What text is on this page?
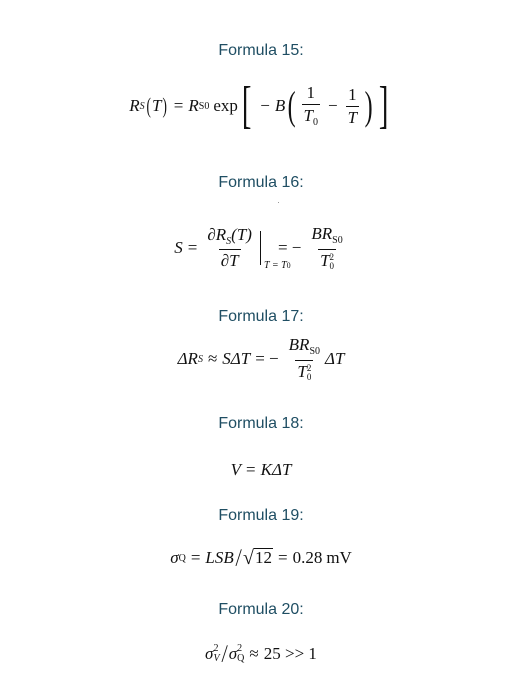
Formula 15:
R S ( T ) = R S0 exp [ − B ( $\frac{1}{T_0} - \frac{1}{T}$ ) ]
Formula 16:
$S = \frac{\partial R_S(T)}{\partial T}$ T = T0
= − $BR_{S0}$
T 2
0
Formula 17:
ΔR S ≈ SΔT = − $BR_{S0}$
T 2
0 ΔT
Formula 18:
V = KΔT
Formula 19:
σ Q = LSB / √ 12 = 0.28 mV
Formula 20:
σ 2
V / σ 2
Q ≈ 25 >> 1
